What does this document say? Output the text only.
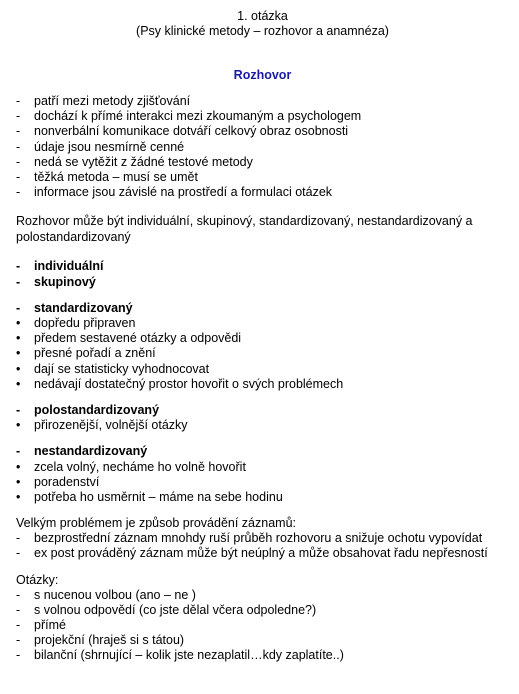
1. otázka
(Psy klinické metody – rozhovor a anamnéza)
Rozhovor
- patří mezi metody zjišťování
- dochází k přímé interakci mezi zkoumaným a psychologem
- nonverbální komunikace dotváří celkový obraz osobnosti
- údaje jsou nesmírně cenné
- nedá se vytěžit z žádné testové metody
- těžká metoda – musí se umět
- informace jsou závislé na prostředí a formulaci otázek
Rozhovor může být individuální, skupinový, standardizovaný, nestandardizovaný a
polostandardizovaný
- individuální
- skupinový
- standardizovaný
• dopředu připraven
• předem sestavené otázky a odpovědi
• přesné pořadí a znění
• dají se statisticky vyhodnocovat
• nedávají dostatečný prostor hovořit o svých problémech
- polostandardizovaný
• přirozenější, volnější otázky
- nestandardizovaný
• zcela volný, necháme ho volně hovořit
• poradenství
• potřeba ho usměrnit – máme na sebe hodinu
Velkým problémem je způsob provádění záznamů:
- bezprostřední záznam mnohdy ruší průběh rozhovoru a snižuje ochotu vypovídat
- ex post prováděný záznam může být neúplný a může obsahovat řadu nepřesností
Otázky:
- s nucenou volbou (ano – ne )
- s volnou odpovědí (co jste dělal včera odpoledne?)
- přímé
- projekční (hraješ si s tátou)
- bilanční (shrnující – kolik jste nezaplatil…kdy zaplatíte..)
